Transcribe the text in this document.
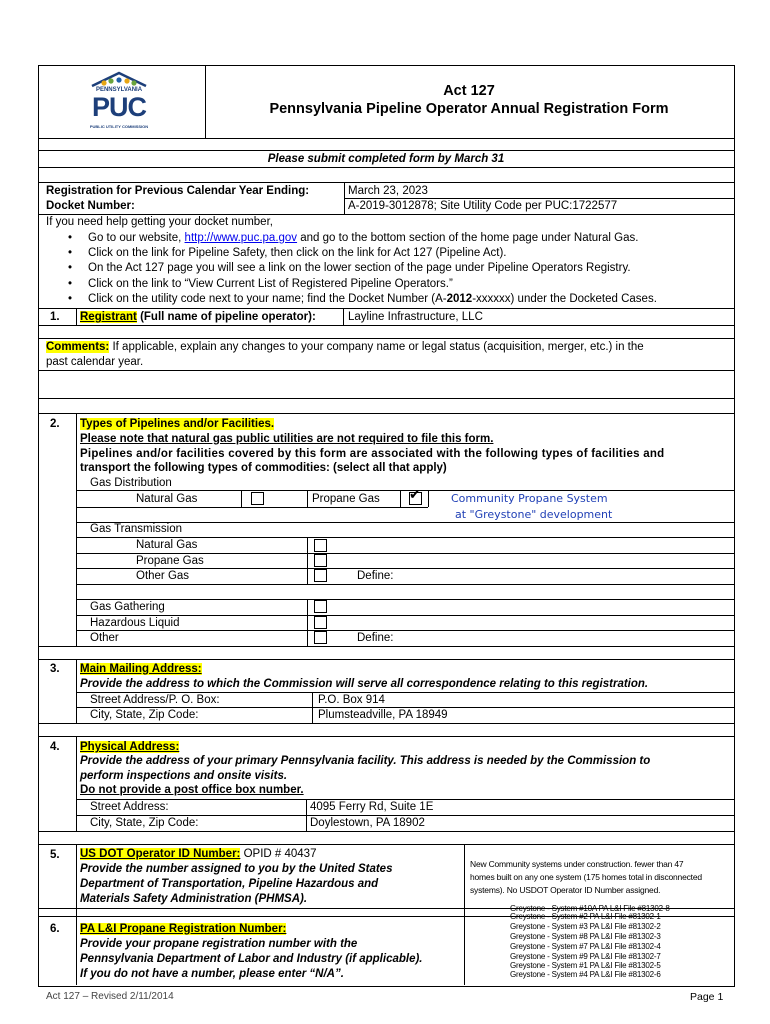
PENNSYLVANIA
PUC
PUBLIC UTILITY COMMISSION
Act 127
Pennsylvania Pipeline Operator Annual Registration Form
Please submit completed form by March 31
Registration for Previous Calendar Year Ending:	March 23, 2023
Docket Number:	A-2019-3012878; Site Utility Code per PUC:1722577
If you need help getting your docket number,
•     Go to our website, http://www.puc.pa.gov and go to the bottom section of the home page under Natural Gas.
•     Click on the link for Pipeline Safety, then click on the link for Act 127 (Pipeline Act).
•     On the Act 127 page you will see a link on the lower section of the page under Pipeline Operators Registry.
•     Click on the link to “View Current List of Registered Pipeline Operators.”
•     Click on the utility code next to your name; find the Docket Number (A-2012-xxxxxx) under the Docketed Cases.
1. Registrant (Full name of pipeline operator):	Layline Infrastructure, LLC
Comments: If applicable, explain any changes to your company name or legal status (acquisition, merger, etc.) in the
past calendar year.
2. Types of Pipelines and/or Facilities.
Please note that natural gas public utilities are not required to file this form.
Pipelines and/or facilities covered by this form are associated with the following types of facilities and
transport the following types of commodities: (select all that apply)
Gas Distribution
Natural Gas	Propane Gas ✔	Community Propane System
at "Greystone" development
Gas Transmission
Natural Gas
Propane Gas
Other Gas	Define:
Gas Gathering
Hazardous Liquid
Other	Define:
3. Main Mailing Address:
Provide the address to which the Commission will serve all correspondence relating to this registration.
Street Address/P. O. Box:	P.O. Box 914
City, State, Zip Code:	Plumsteadville, PA 18949
4. Physical Address:
Provide the address of your primary Pennsylvania facility. This address is needed by the Commission to
perform inspections and onsite visits.
Do not provide a post office box number.
Street Address:	4095 Ferry Rd, Suite 1E
City, State, Zip Code:	Doylestown, PA 18902
5. US DOT Operator ID Number: OPID # 40437
Provide the number assigned to you by the United States
Department of Transportation, Pipeline Hazardous and
Materials Safety Administration (PHMSA).
New Community systems under construction. fewer than 47
homes built on any one system (175 homes total in disconnected
systems). No USDOT Operator ID Number assigned.
6. PA L&I Propane Registration Number:
Provide your propane registration number with the
Pennsylvania Department of Labor and Industry (if applicable).
If you do not have a number, please enter “N/A”.
Greystone - System #10A PA L&I File #81302-8
Greystone - System #2 PA L&I File #81302-1
Greystone - System #3 PA L&I File #81302-2
Greystone - System #8 PA L&I File #81302-3
Greystone - System #7 PA L&I File #81302-4
Greystone - System #9 PA L&I File #81302-7
Greystone - System #1 PA L&I File #81302-5
Greystone - System #4 PA L&I File #81302-6
Act 127 – Revised 2/11/2014	Page 1
